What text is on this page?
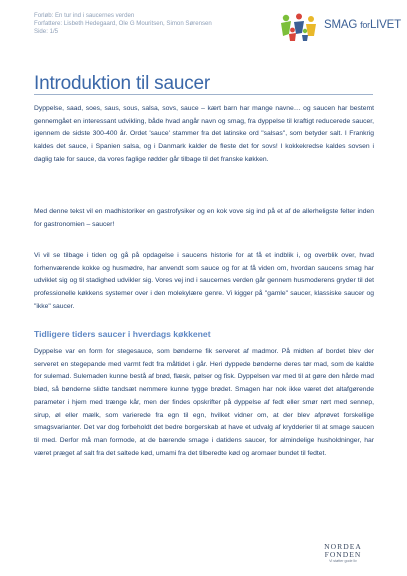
Forløb: En tur ind i saucernes verden
Forfattere: Lisbeth Hedegaard, Ole G Mouritsen, Simon Sørensen
Side: 1/5
SMAG forLIVET
Introduktion til saucer

Dyppelse, saad, soes, saus, sous, salsa, sovs, sauce – kært barn har mange navne… og saucen har bestemt gennemgået en interessant udvikling, både hvad angår navn og smag, fra dyppelse til kraftigt reducerede saucer, igennem de sidste 300-400 år. Ordet 'sauce' stammer fra det latinske ord "salsas", som betyder salt. I Frankrig kaldes det sauce, i Spanien salsa, og i Danmark kalder de fleste det for sovs! I kokkekredse kaldes sovsen i daglig tale for sauce, da vores faglige rødder går tilbage til det franske køkken.

Med denne tekst vil en madhistoriker en gastrofysiker og en kok vove sig ind på et af de allerheligste felter inden for gastronomien – saucer!

Vi vil se tilbage i tiden og gå på opdagelse i saucens historie for at få et indblik i, og overblik over, hvad forhenværende kokke og husmødre, har anvendt som sauce og for at få viden om, hvordan saucens smag har udviklet sig og til stadighed udvikler sig. Vores vej ind i saucernes verden går gennem husmoderens gryder til det professionelle køkkens systemer over i den molekylære genre. Vi kigger på "gamle" saucer, klassiske saucer og "ikke" saucer.

Tidligere tiders saucer i hverdags køkkenet

Dyppelse var en form for stegesauce, som bønderne fik serveret af madmor. På midten af bordet blev der serveret en stegepande med varmt fedt fra måltidet i går. Heri dyppede bønderne deres tør mad, som de kaldte for sulemad. Sulemaden kunne bestå af brød, flæsk, pølser og fisk. Dyppelsen var med til at gøre den hårde mad blød, så bønderne slidte tandsæt nemmere kunne tygge brødet. Smagen har nok ikke været det altafgørende parameter i hjem med trænge kår, men der findes opskrifter på dyppelse af fedt eller smør rørt med sennep, sirup, øl eller mælk, som varierede fra egn til egn, hvilket vidner om, at der blev afprøvet forskellige smagsvarianter. Det var dog forbeholdt det bedre borgerskab at have et udvalg af krydderier til at smage saucen til med. Derfor må man formode, at de bærende smage i datidens saucer, for almindelige husholdninger, har været præget af salt fra det saltede kød, umami fra det tilberedte kød og aromaer bundet til fedtet.

NORDEA
FONDEN
Vi støtter gode liv
